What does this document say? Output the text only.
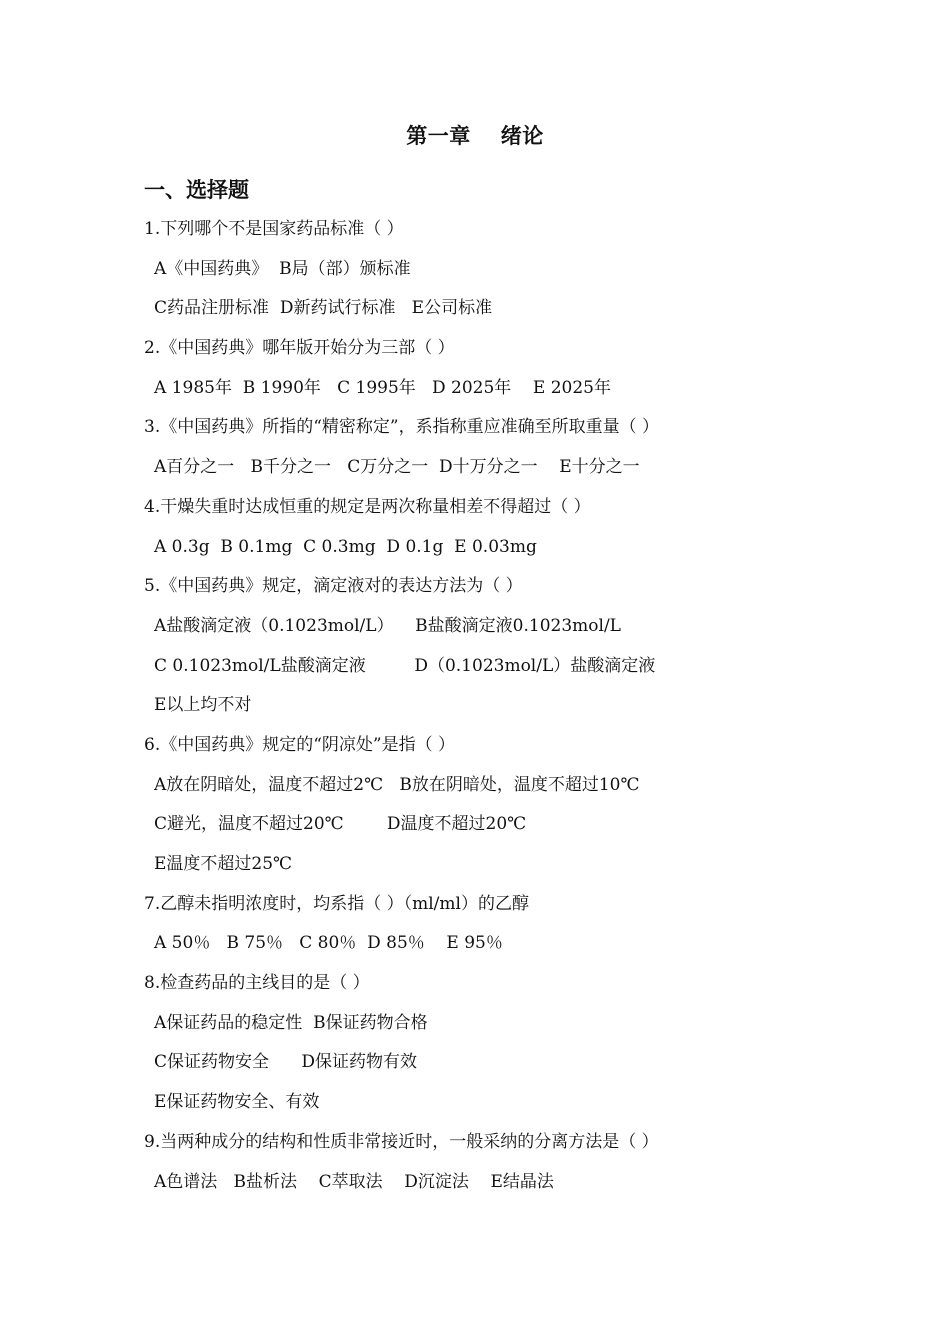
第一章 绪论
一、选择题
1.下列哪个不是国家药品标准（ ）
A《中国药典》  B局（部）颁标准
C药品注册标准  D新药试行标准   E公司标准
2.《中国药典》哪年版开始分为三部（ ）
A 1985年  B 1990年   C 1995年   D 2025年    E 2025年
3.《中国药典》所指的“精密称定”，系指称重应准确至所取重量（ ）
A百分之一   B千分之一   C万分之一  D十万分之一    E十分之一
4.干燥失重时达成恒重的规定是两次称量相差不得超过（ ）
A 0.3g  B 0.1mg  C 0.3mg  D 0.1g  E 0.03mg
5.《中国药典》规定，滴定液对的表达方法为（ ）
A盐酸滴定液（0.1023mol/L）    B盐酸滴定液0.1023mol/L
C 0.1023mol/L盐酸滴定液         D（0.1023mol/L）盐酸滴定液
E以上均不对
6.《中国药典》规定的“阴凉处”是指（ ）
A放在阴暗处，温度不超过2℃   B放在阴暗处，温度不超过10℃
C避光，温度不超过20℃        D温度不超过20℃
E温度不超过25℃
7.乙醇未指明浓度时，均系指（ ）（ml/ml）的乙醇
A 50％   B 75％   C 80％  D 85％    E 95％
8.检查药品的主线目的是（ ）
A保证药品的稳定性  B保证药物合格
C保证药物安全      D保证药物有效
E保证药物安全、有效
9.当两种成分的结构和性质非常接近时，一般采纳的分离方法是（ ）
A色谱法   B盐析法    C萃取法    D沉淀法    E结晶法
